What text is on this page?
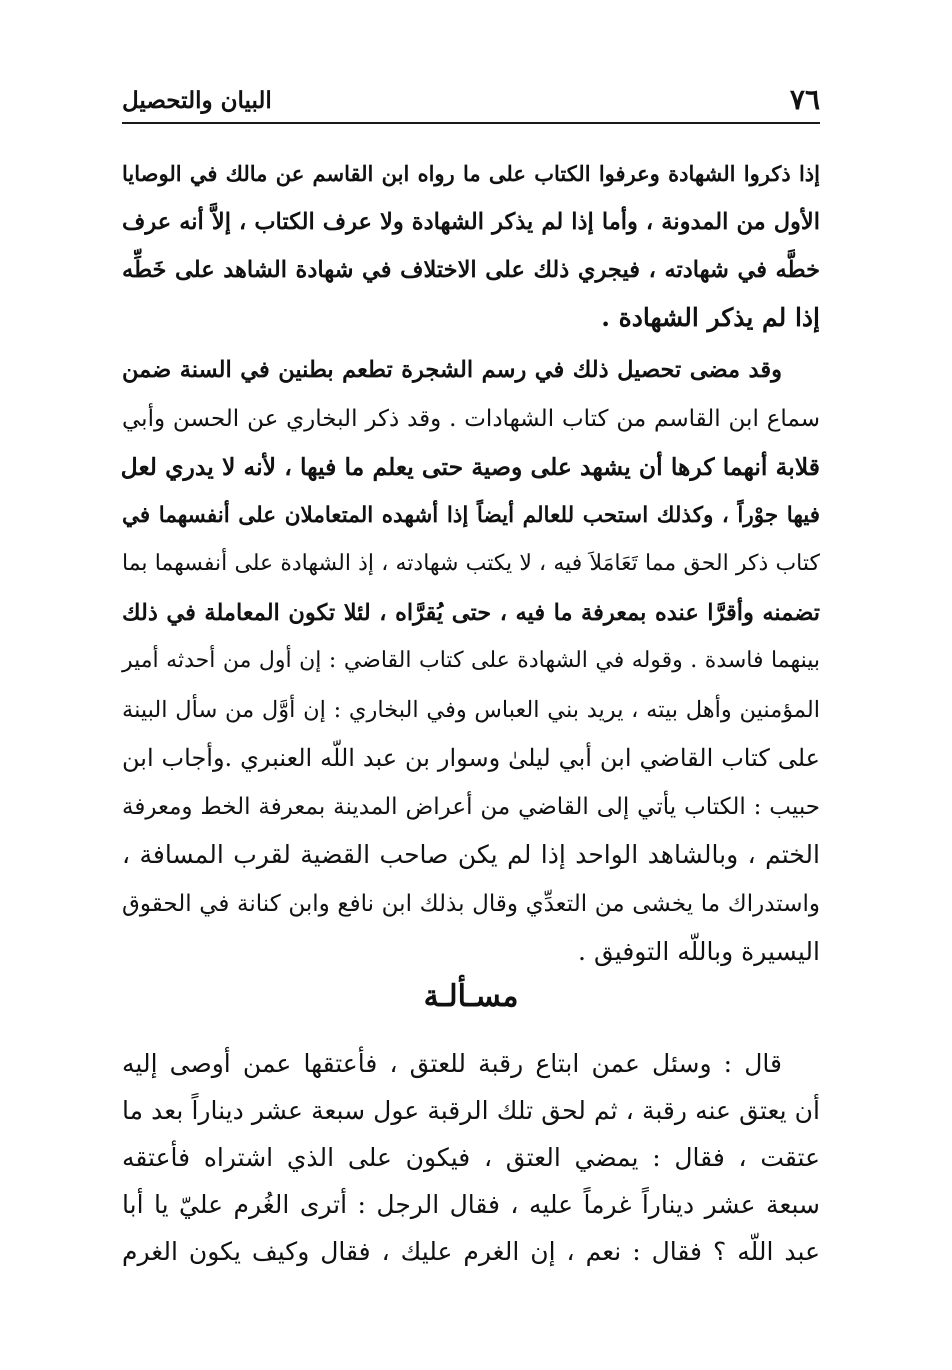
٧٦
البيان والتحصيل
إذا ذكروا الشهادة وعرفوا الكتاب على ما رواه ابن القاسم عن مالك في الوصايا
الأول من المدونة ، وأما إذا لم يذكر الشهادة ولا عرف الكتاب ، إلاَّ أنه عرف
خطَّه في شهادته ، فيجري ذلك على الاختلاف في شهادة الشاهد على خَطِّه
إذا لم يذكر الشهادة .
وقد مضى تحصيل ذلك في رسم الشجرة تطعم بطنين في السنة ضمن
سماع ابن القاسم من كتاب الشهادات . وقد ذكر البخاري عن الحسن وأبي
قلابة أنهما كرها أن يشهد على وصية حتى يعلم ما فيها ، لأنه لا يدري لعل
فيها جوْراً ، وكذلك استحب للعالم أيضاً إذا أشهده المتعاملان على أنفسهما في
كتاب ذكر الحق مما تَعَامَلاَ فيه ، لا يكتب شهادته ، إذ الشهادة على أنفسهما بما
تضمنه وأقرَّا عنده بمعرفة ما فيه ، حتى يُقرَّاه ، لئلا تكون المعاملة في ذلك
بينهما فاسدة . وقوله في الشهادة على كتاب القاضي : إن أول من أحدثه أمير
المؤمنين وأهل بيته ، يريد بني العباس وفي البخاري : إن أوَّل من سأل البينة
على كتاب القاضي ابن أبي ليلىٰ وسوار بن عبد اللّه العنبري .وأجاب ابن
حبيب : الكتاب يأتي إلى القاضي من أعراض المدينة بمعرفة الخط ومعرفة
الختم ، وبالشاهد الواحد إذا لم يكن صاحب القضية لقرب المسافة ،
واستدراك ما يخشى من التعدِّي وقال بذلك ابن نافع وابن كنانة في الحقوق
اليسيرة وباللّه التوفيق .
مسـألـة
قال : وسئل عمن ابتاع رقبة للعتق ، فأعتقها عمن أوصى إليه
أن يعتق عنه رقبة ، ثم لحق تلك الرقبة عول سبعة عشر ديناراً بعد ما
عتقت ، فقال : يمضي العتق ، فيكون على الذي اشتراه فأعتقه
سبعة عشر ديناراً غرماً عليه ، فقال الرجل : أترى الغُرم عليّ يا أبا
عبد اللّه ؟ فقال : نعم ، إن الغرم عليك ، فقال وكيف يكون الغرم
